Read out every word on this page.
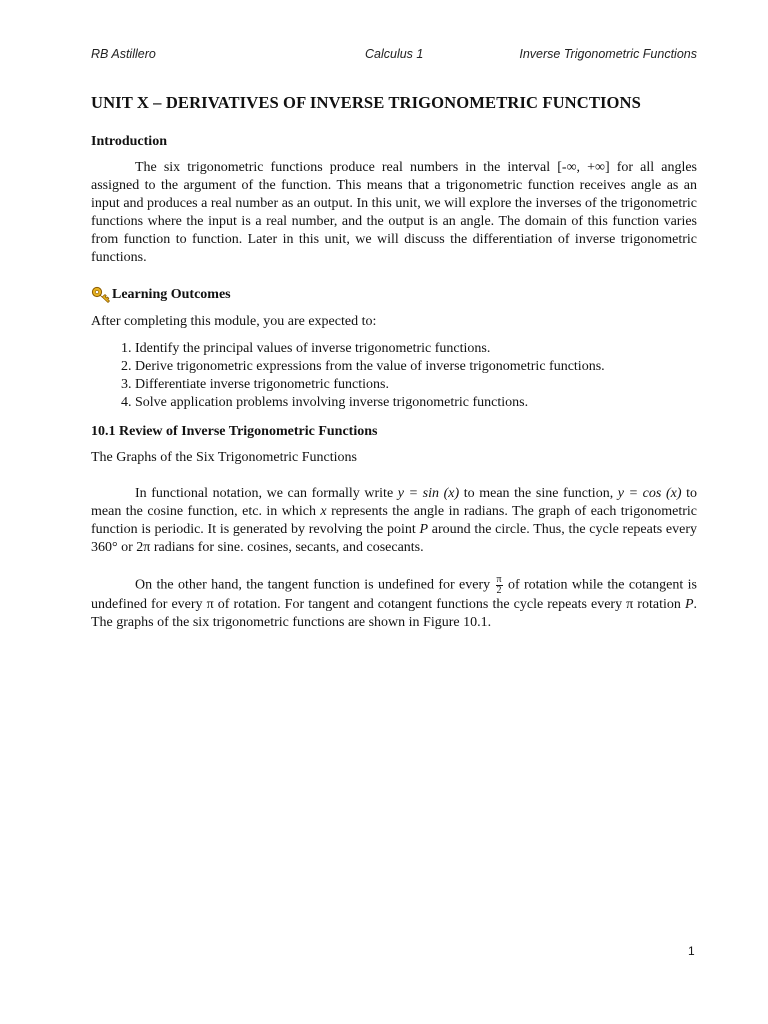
RB Astillero	Calculus 1	Inverse Trigonometric Functions
UNIT X – DERIVATIVES OF INVERSE TRIGONOMETRIC FUNCTIONS
Introduction

The six trigonometric functions produce real numbers in the interval [-∞, +∞] for all angles assigned to the argument of the function. This means that a trigonometric function receives angle as an input and produces a real number as an output. In this unit, we will explore the inverses of the trigonometric functions where the input is a real number, and the output is an angle. The domain of this function varies from function to function. Later in this unit, we will discuss the differentiation of inverse trigonometric functions.

Learning Outcomes

After completing this module, you are expected to:

1. Identify the principal values of inverse trigonometric functions.
2. Derive trigonometric expressions from the value of inverse trigonometric functions.
3. Differentiate inverse trigonometric functions.
4. Solve application problems involving inverse trigonometric functions.
10.1 Review of Inverse Trigonometric Functions

The Graphs of the Six Trigonometric Functions

In functional notation, we can formally write y = sin (x) to mean the sine function, y = cos (x) to mean the cosine function, etc. in which x represents the angle in radians. The graph of each trigonometric function is periodic. It is generated by revolving the point P around the circle. Thus, the cycle repeats every 360° or 2π radians for sine. cosines, secants, and cosecants.

On the other hand, the tangent function is undefined for every $\frac{\pi}{2}$ of rotation while the cotangent is undefined for every π of rotation. For tangent and cotangent functions the cycle repeats every π rotation P. The graphs of the six trigonometric functions are shown in Figure 10.1.

1
